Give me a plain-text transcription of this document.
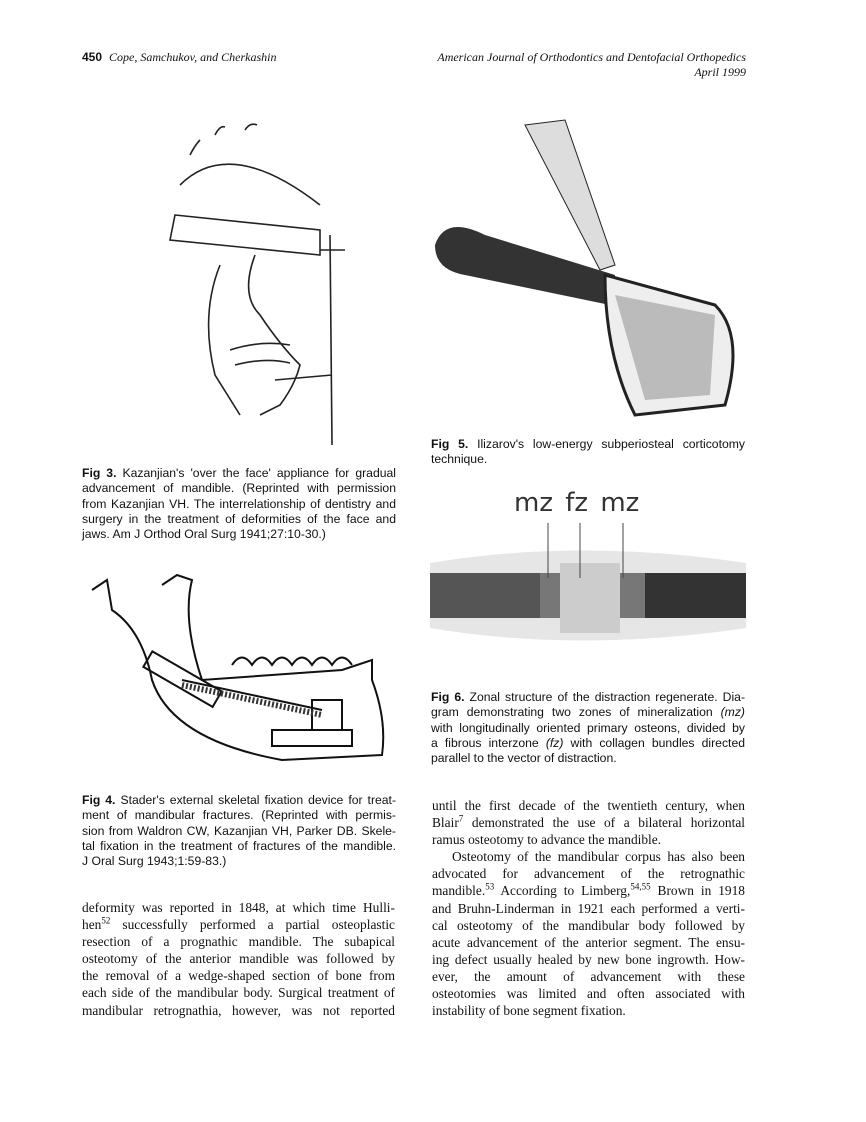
450 Cope, Samchukov, and Cherkashin	American Journal of Orthodontics and Dentofacial Orthopedics
April 1999
Fig 3. Kazanjian's 'over the face' appliance for gradual
advancement of mandible. (Reprinted with permission
from Kazanjian VH. The interrelationship of dentistry and
surgery in the treatment of deformities of the face and
jaws. Am J Orthod Oral Surg 1941;27:10-30.)
Fig 4. Stader's external skeletal fixation device for treat-
ment of mandibular fractures. (Reprinted with permis-
sion from Waldron CW, Kazanjian VH, Parker DB. Skele-
tal fixation in the treatment of fractures of the mandible.
J Oral Surg 1943;1:59-83.)
Fig 5. Ilizarov's low-energy subperiosteal corticotomy
technique.
mz fz mz
Fig 6. Zonal structure of the distraction regenerate. Dia-
gram demonstrating two zones of mineralization (mz)
with longitudinally oriented primary osteons, divided by
a fibrous interzone (fz) with collagen bundles directed
parallel to the vector of distraction.
deformity was reported in 1848, at which time Hulli-
hen$^{52}$ successfully performed a partial osteoplastic
resection of a prognathic mandible. The subapical
osteotomy of the anterior mandible was followed by
the removal of a wedge-shaped section of bone from
each side of the mandibular body. Surgical treatment of
mandibular retrognathia, however, was not reported
until the first decade of the twentieth century, when
Blair$^7$ demonstrated the use of a bilateral horizontal
ramus osteotomy to advance the mandible.
Osteotomy of the mandibular corpus has also been
advocated for advancement of the retrognathic
mandible.$^{53}$ According to Limberg,$^{54,55}$ Brown in 1918
and Bruhn-Linderman in 1921 each performed a verti-
cal osteotomy of the mandibular body followed by
acute advancement of the anterior segment. The ensu-
ing defect usually healed by new bone ingrowth. How-
ever, the amount of advancement with these
osteotomies was limited and often associated with
instability of bone segment fixation.
